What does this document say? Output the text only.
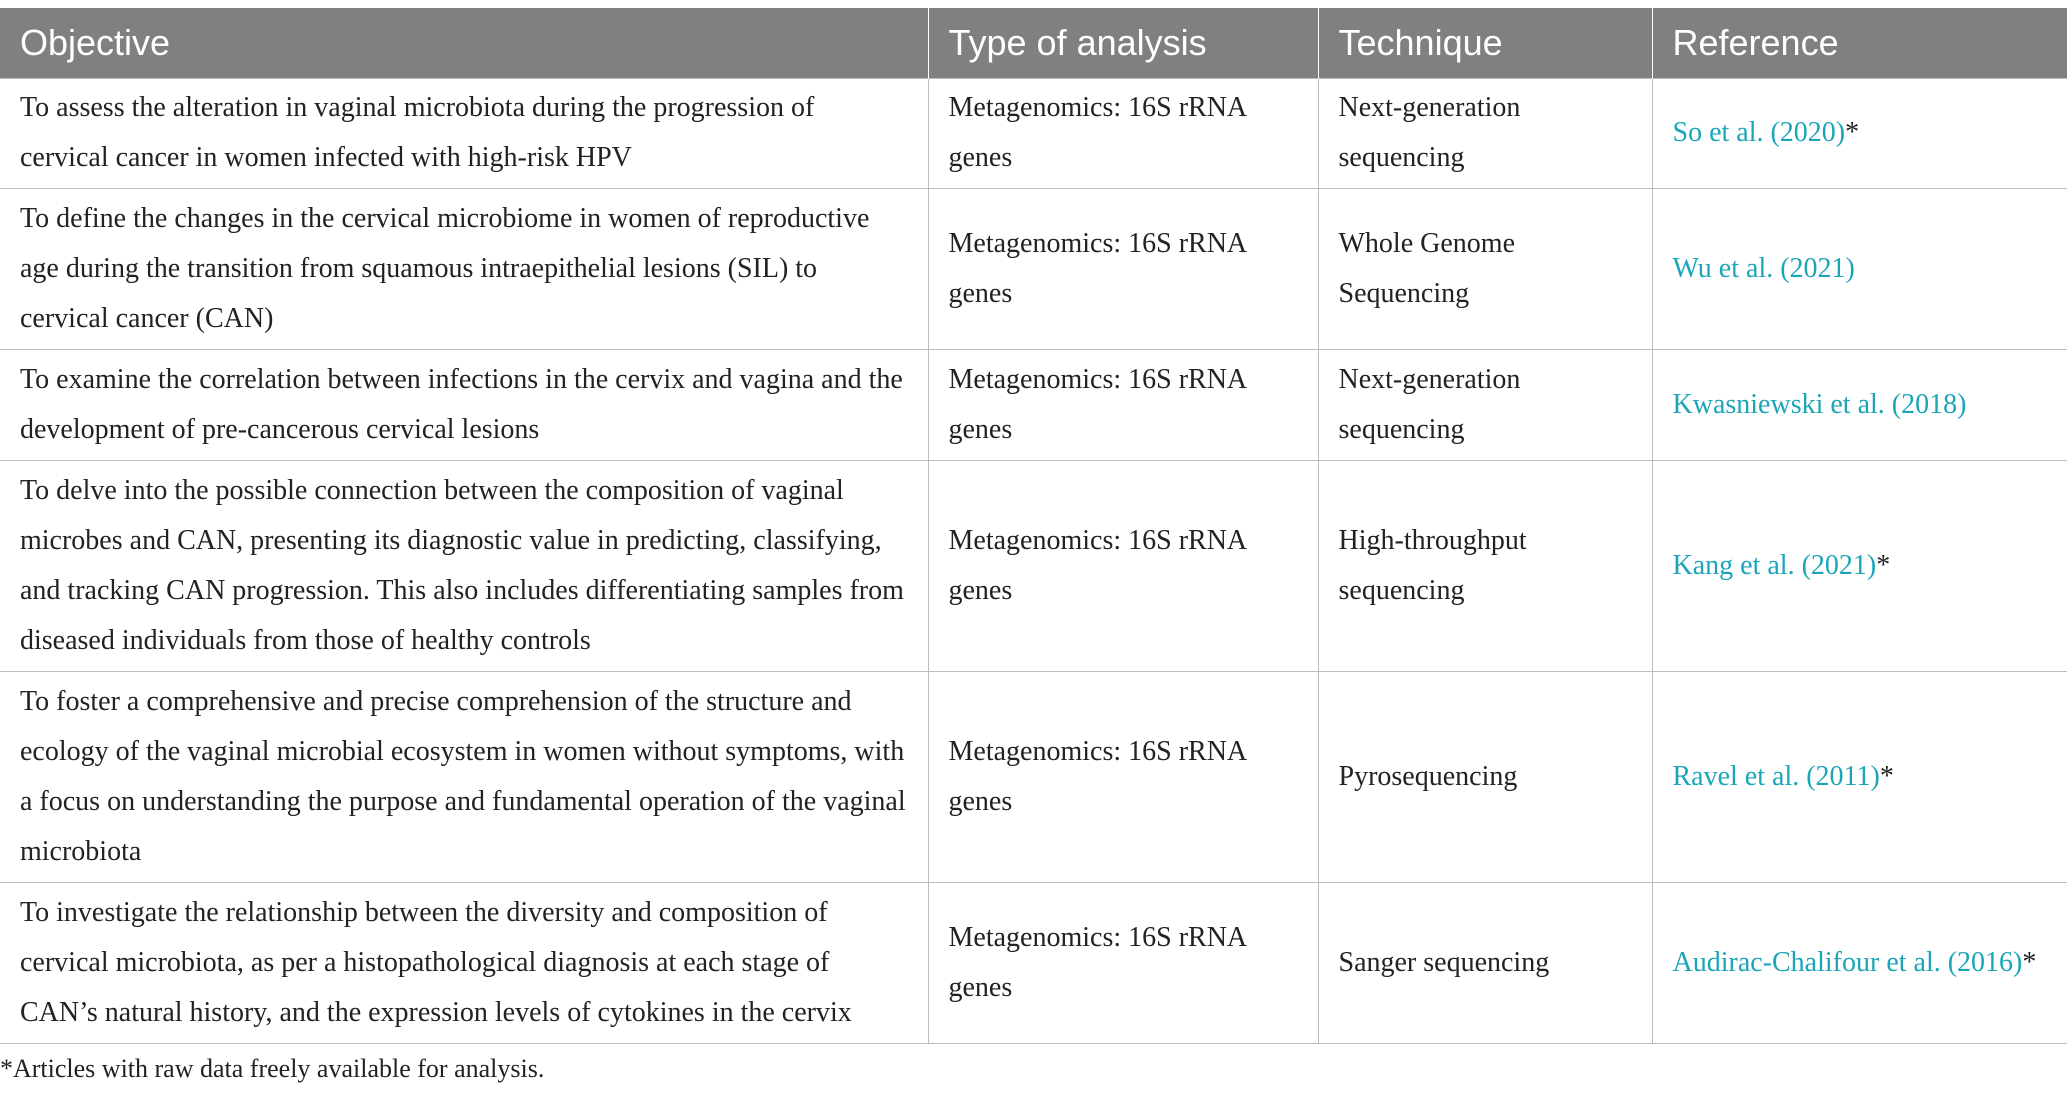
Objective	Type of analysis	Technique	Reference
To assess the alteration in vaginal microbiota during the progression of cervical cancer in women infected with high-risk HPV	Metagenomics: 16S rRNA genes	Next-generation sequencing	So et al. (2020)*
To define the changes in the cervical microbiome in women of reproductive age during the transition from squamous intraepithelial lesions (SIL) to cervical cancer (CAN)	Metagenomics: 16S rRNA genes	Whole Genome Sequencing	Wu et al. (2021)
To examine the correlation between infections in the cervix and vagina and the development of pre-cancerous cervical lesions	Metagenomics: 16S rRNA genes	Next-generation sequencing	Kwasniewski et al. (2018)
To delve into the possible connection between the composition of vaginal microbes and CAN, presenting its diagnostic value in predicting, classifying, and tracking CAN progression. This also includes differentiating samples from diseased individuals from those of healthy controls	Metagenomics: 16S rRNA genes	High-throughput sequencing	Kang et al. (2021)*
To foster a comprehensive and precise comprehension of the structure and ecology of the vaginal microbial ecosystem in women without symptoms, with a focus on understanding the purpose and fundamental operation of the vaginal microbiota	Metagenomics: 16S rRNA genes	Pyrosequencing	Ravel et al. (2011)*
To investigate the relationship between the diversity and composition of cervical microbiota, as per a histopathological diagnosis at each stage of CAN’s natural history, and the expression levels of cytokines in the cervix	Metagenomics: 16S rRNA genes	Sanger sequencing	Audirac-Chalifour et al. (2016)*
*Articles with raw data freely available for analysis.
